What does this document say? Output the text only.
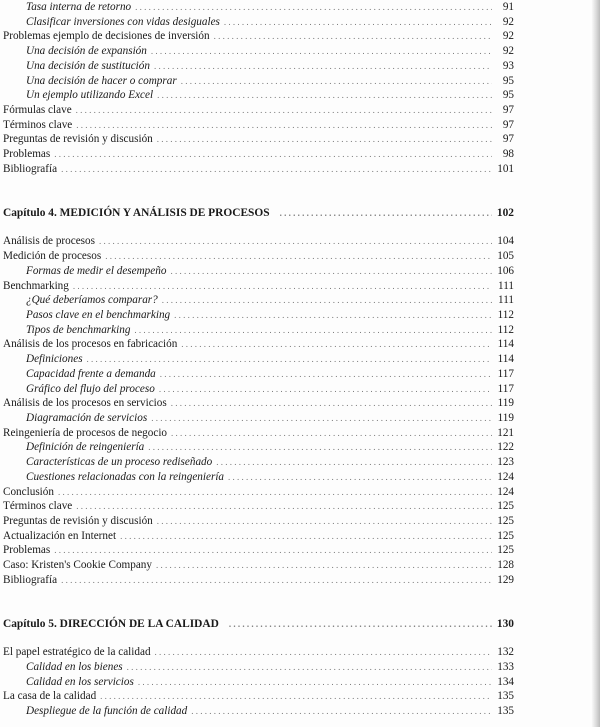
Tasa interna de retorno . . .	91
Clasificar inversiones con vidas desiguales . . .	92
Problemas ejemplo de decisiones de inversión . . .	92
Una decisión de expansión . . .	92
Una decisión de sustitución . . .	93
Una decisión de hacer o comprar . . .	95
Un ejemplo utilizando Excel . . .	95
Fórmulas clave . . .	97
Términos clave . . .	97
Preguntas de revisión y discusión . . .	97
Problemas . . .	98
Bibliografía . . .	101
Capítulo 4. MEDICIÓN Y ANÁLISIS DE PROCESOS . . .	102
Análisis de procesos . . .	104
Medición de procesos . . .	105
Formas de medir el desempeño . . .	106
Benchmarking . . .	111
¿Qué deberíamos comparar? . . .	111
Pasos clave en el benchmarking . . .	112
Tipos de benchmarking . . .	112
Análisis de los procesos en fabricación . . .	114
Definiciones . . .	114
Capacidad frente a demanda . . .	117
Gráfico del flujo del proceso . . .	117
Análisis de los procesos en servicios . . .	119
Diagramación de servicios . . .	119
Reingeniería de procesos de negocio . . .	121
Definición de reingeniería . . .	122
Características de un proceso rediseñado . . .	123
Cuestiones relacionadas con la reingeniería . . .	124
Conclusión . . .	124
Términos clave . . .	125
Preguntas de revisión y discusión . . .	125
Actualización en Internet . . .	125
Problemas . . .	125
Caso: Kristen's Cookie Company . . .	128
Bibliografía . . .	129
Capítulo 5. DIRECCIÓN DE LA CALIDAD . . .	130
El papel estratégico de la calidad . . .	132
Calidad en los bienes . . .	133
Calidad en los servicios . . .	134
La casa de la calidad . . .	135
Despliegue de la función de calidad . . .	135
